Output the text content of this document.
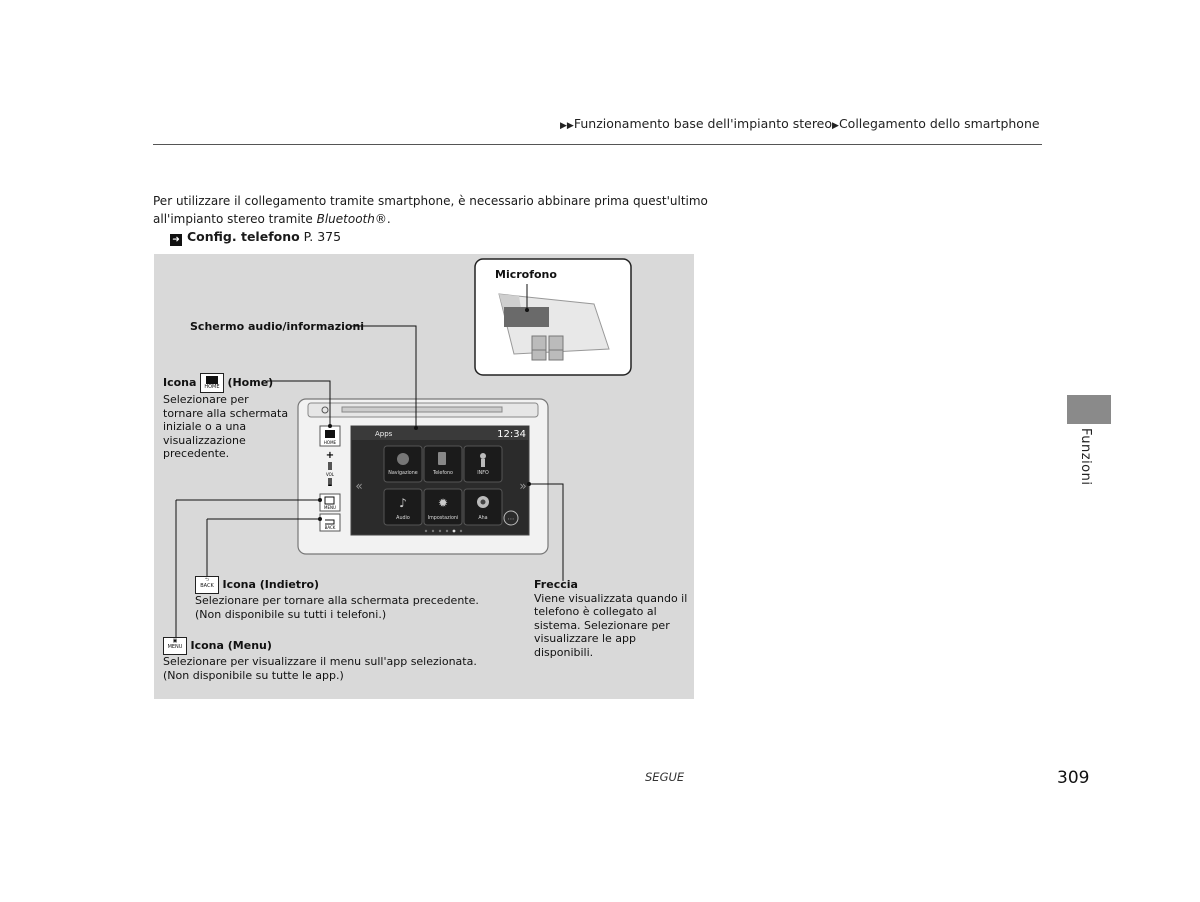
▶▶Funzionamento base dell'impianto stereo▶Collegamento dello smartphone
Per utilizzare il collegamento tramite smartphone, è necessario abbinare prima quest'ultimo
all'impianto stereo tramite Bluetooth®.
➜ Config. telefono P. 375
HOME
+
VOL
-
MENU
BACK
Apps	12:34
Navigazione	Telefono	INFO
♪
Audio
✹
Impostazioni	Aha	⋯
«	»
Microfono
Schermo audio/informazioni
Icona HOME (Home)
Selezionare per
tornare alla schermata
iniziale o a una
visualizzazione
precedente.
⮌
BACK Icona (Indietro)
Selezionare per tornare alla schermata precedente.
(Non disponibile su tutti i telefoni.)
▣
MENU Icona (Menu)
Selezionare per visualizzare il menu sull'app selezionata.
(Non disponibile su tutte le app.)
Freccia
Viene visualizzata quando il
telefono è collegato al
sistema. Selezionare per
visualizzare le app
disponibili.
Funzioni
SEGUE	309
